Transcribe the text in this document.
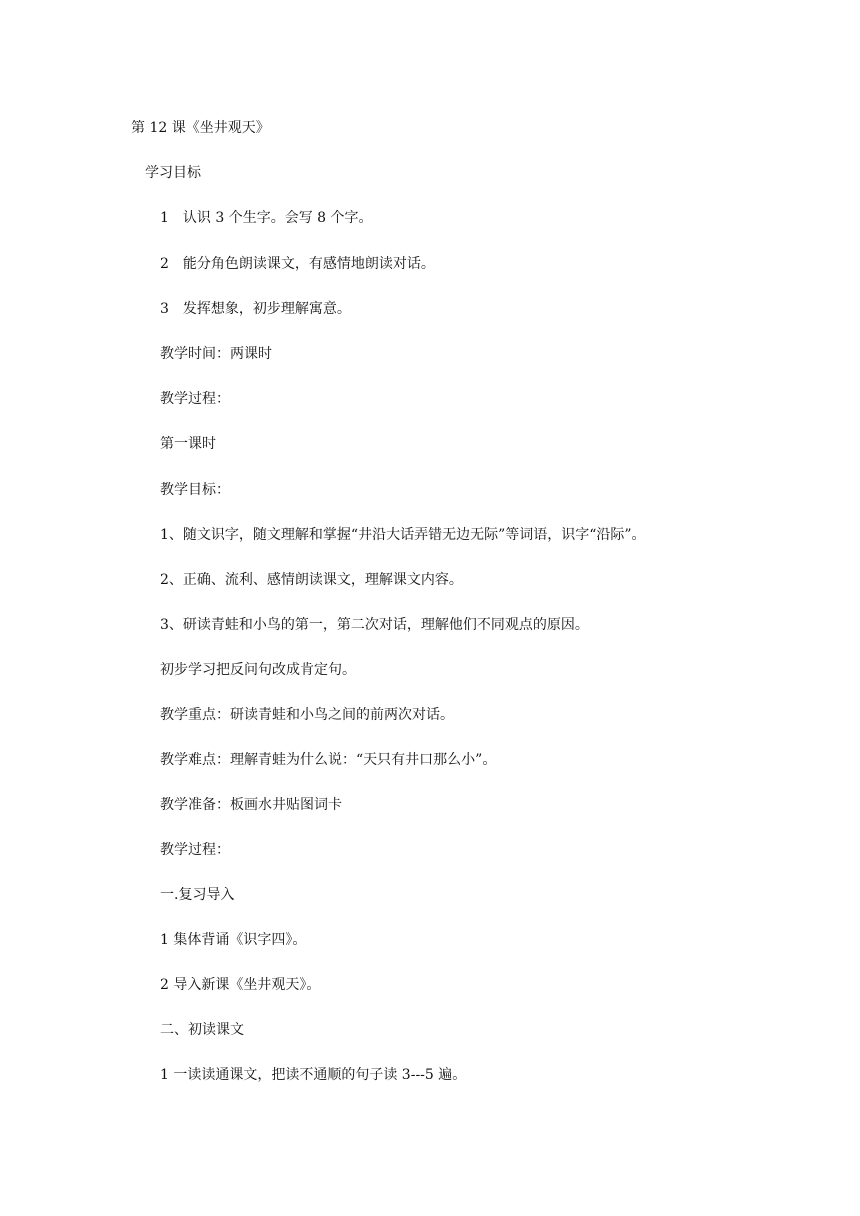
第 12 课《坐井观天》
学习目标
1　认识 3 个生字。会写 8 个字。
2　能分角色朗读课文，有感情地朗读对话。
3　发挥想象，初步理解寓意。
教学时间：两课时
教学过程：
第一课时
教学目标：
1、随文识字，随文理解和掌握“井沿大话弄错无边无际”等词语，识字“沿际”。
2、正确、流利、感情朗读课文，理解课文内容。
3、研读青蛙和小鸟的第一，第二次对话，理解他们不同观点的原因。
初步学习把反问句改成肯定句。
教学重点：研读青蛙和小鸟之间的前两次对话。
教学难点：理解青蛙为什么说：“天只有井口那么小”。
教学准备：板画水井贴图词卡
教学过程：
一.复习导入
1 集体背诵《识字四》。
2 导入新课《坐井观天》。
二、初读课文
1 一读读通课文，把读不通顺的句子读 3---5 遍。
